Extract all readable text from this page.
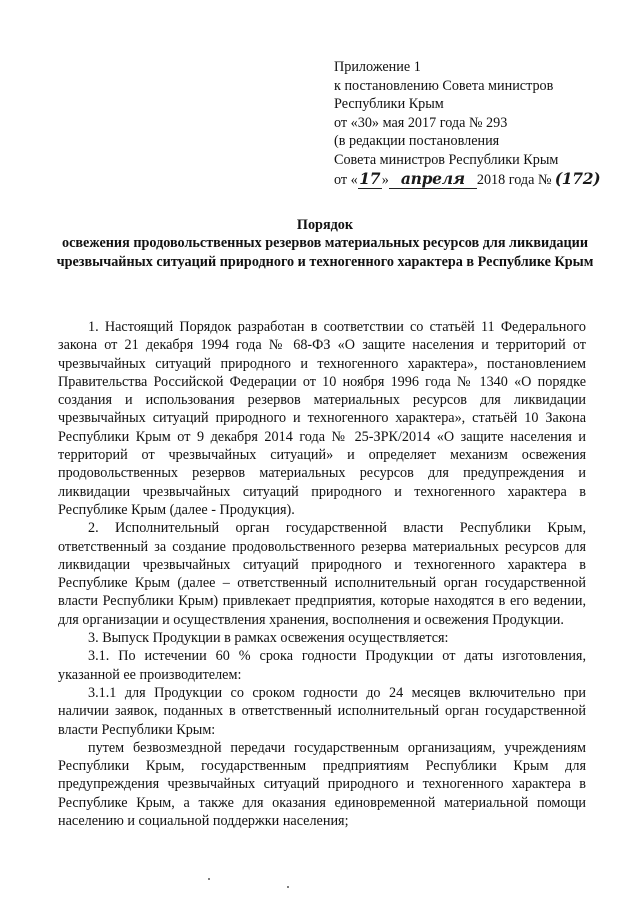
Приложение 1
к постановлению Совета министров
Республики Крым
от «30» мая 2017 года № 293
(в редакции постановления
Совета министров Республики Крым
от «17 » апреля 2018 года № (172)
Порядок
освежения продовольственных резервов материальных ресурсов для ликвидации чрезвычайных ситуаций природного и техногенного характера в Республике Крым

1. Настоящий Порядок разработан в соответствии со статьёй 11 Федерального закона от 21 декабря 1994 года № 68-ФЗ «О защите населения и территорий от чрезвычайных ситуаций природного и техногенного характера», постановлением Правительства Российской Федерации от 10 ноября 1996 года № 1340 «О порядке создания и использования резервов материальных ресурсов для ликвидации чрезвычайных ситуаций природного и техногенного характера», статьёй 10 Закона Республики Крым от 9 декабря 2014 года № 25-ЗРК/2014 «О защите населения и территорий от чрезвычайных ситуаций» и определяет механизм освежения продовольственных резервов материальных ресурсов для предупреждения и ликвидации чрезвычайных ситуаций природного и техногенного характера в Республике Крым (далее - Продукция).

2. Исполнительный орган государственной власти Республики Крым, ответственный за создание продовольственного резерва материальных ресурсов для ликвидации чрезвычайных ситуаций природного и техногенного характера в Республике Крым (далее – ответственный исполнительный орган государственной власти Республики Крым) привлекает предприятия, которые находятся в его ведении, для организации и осуществления хранения, восполнения и освежения Продукции.

3. Выпуск Продукции в рамках освежения осуществляется:

3.1. По истечении 60 % срока годности Продукции от даты изготовления, указанной ее производителем:

3.1.1 для Продукции со сроком годности до 24 месяцев включительно при наличии заявок, поданных в ответственный исполнительный орган государственной власти Республики Крым:

путем безвозмездной передачи государственным организациям, учреждениям Республики Крым, государственным предприятиям Республики Крым для предупреждения чрезвычайных ситуаций природного и техногенного характера в Республике Крым, а также для оказания единовременной материальной помощи населению и социальной поддержки населения;
